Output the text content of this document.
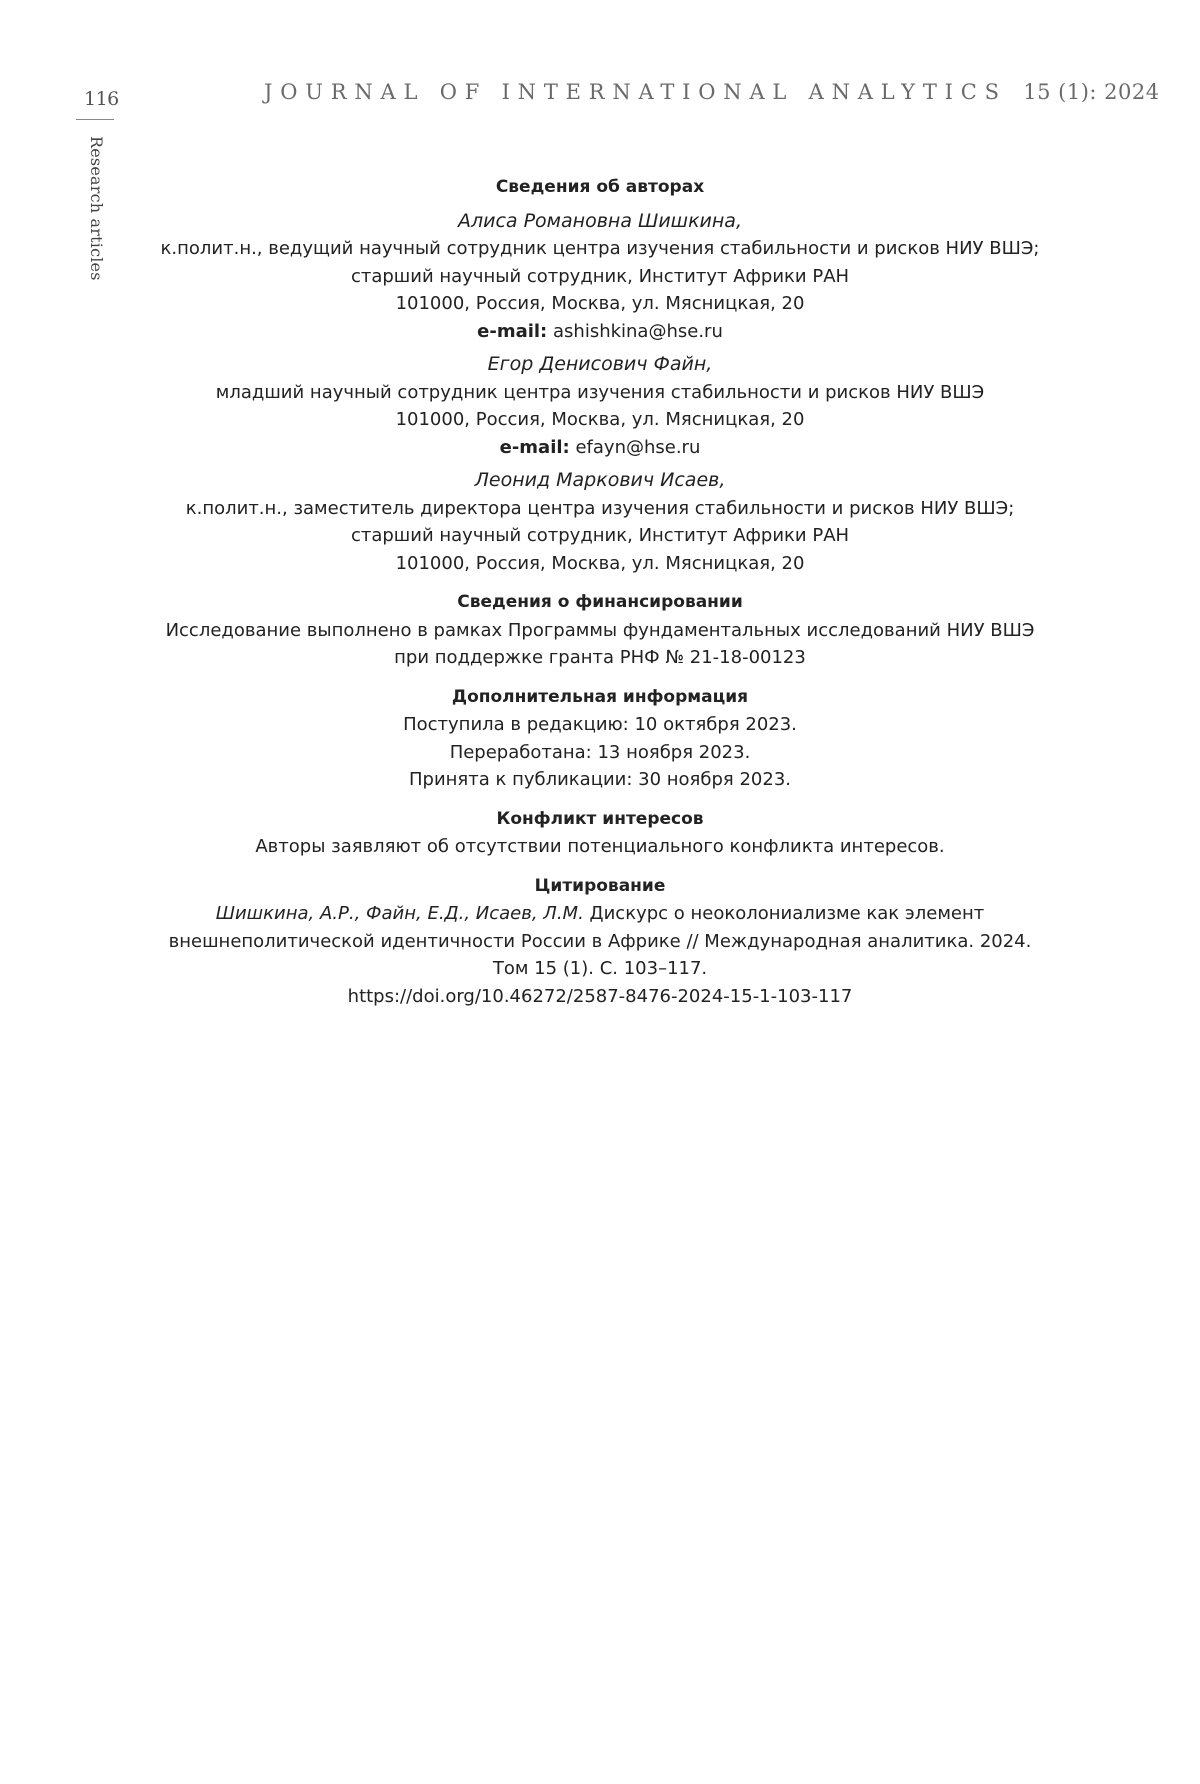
116
Research articles
JOURNAL OF INTERNATIONAL ANALYTICS 15 (1): 2024
Сведения об авторах
Алиса Романовна Шишкина,
к.полит.н., ведущий научный сотрудник центра изучения стабильности и рисков НИУ ВШЭ;
старший научный сотрудник, Институт Африки РАН
101000, Россия, Москва, ул. Мясницкая, 20
e-mail: ashishkina@hse.ru
Егор Денисович Файн,
младший научный сотрудник центра изучения стабильности и рисков НИУ ВШЭ
101000, Россия, Москва, ул. Мясницкая, 20
e-mail: efayn@hse.ru
Леонид Маркович Исаев,
к.полит.н., заместитель директора центра изучения стабильности и рисков НИУ ВШЭ;
старший научный сотрудник, Институт Африки РАН
101000, Россия, Москва, ул. Мясницкая, 20
Сведения о финансировании
Исследование выполнено в рамках Программы фундаментальных исследований НИУ ВШЭ
при поддержке гранта РНФ № 21-18-00123
Дополнительная информация
Поступила в редакцию: 10 октября 2023.
Переработана: 13 ноября 2023.
Принята к публикации: 30 ноября 2023.
Конфликт интересов
Авторы заявляют об отсутствии потенциального конфликта интересов.
Цитирование
Шишкина, А.Р., Файн, Е.Д., Исаев, Л.М. Дискурс о неоколониализме как элемент
внешнеполитической идентичности России в Африке // Международная аналитика. 2024.
Том 15 (1). С. 103–117.
https://doi.org/10.46272/2587-8476-2024-15-1-103-117
